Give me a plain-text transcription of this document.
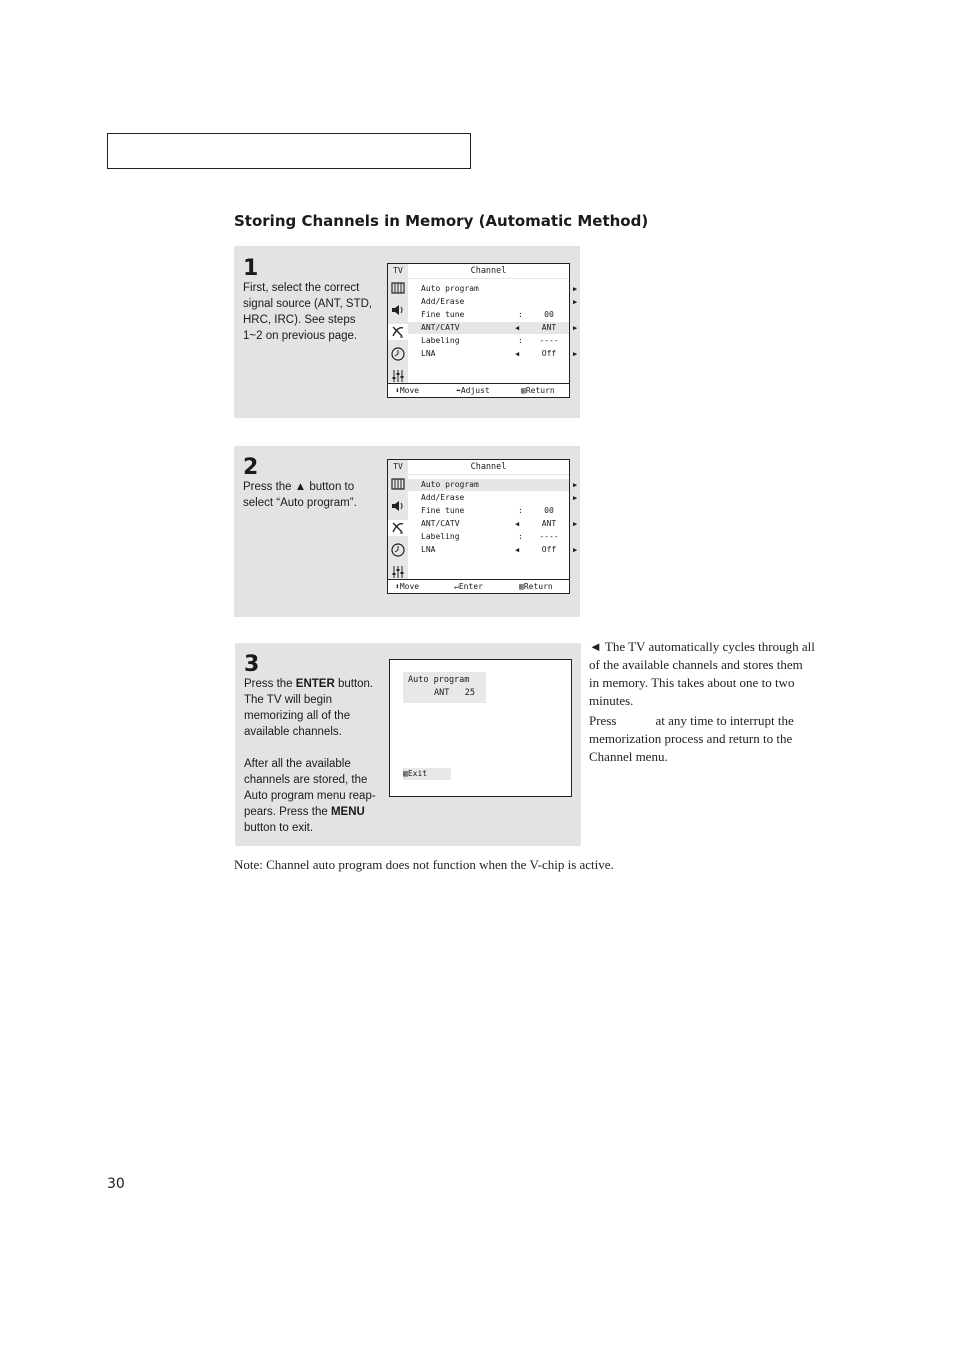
Storing Channels in Memory (Automatic Method)
1
First, select the correct signal source (ANT, STD, HRC, IRC). See steps 1~2 on previous page.
TV	Channel
Auto program	▶
Add/Erase	▶
Fine tune	:	00
ANT/CATV	◀	ANT	▶
Labeling	:	----
LNA	◀	Off	▶
⬍Move	⬌Adjust	▥Return
2
Press the ▲ button to
select “Auto program”.
TV	Channel
Auto program	▶
Add/Erase	▶
Fine tune	:	00
ANT/CATV	◀	ANT	▶
Labeling	:	----
LNA	◀	Off	▶
⬍Move	↵Enter	▥Return
3
Press the ENTER button.
The TV will begin
memorizing all of the
available channels.
After all the available
channels are stored, the
Auto program menu reap-
pears. Press the MENU
button to exit.
Auto program
ANT 25
▥Exit
◄ The TV automatically cycles through all of the available channels and stores them in memory. This takes about one to two minutes.
Press            at any time to interrupt the memorization process and return to the Channel menu.
Note: Channel auto program does not function when the V-chip is active.
30
